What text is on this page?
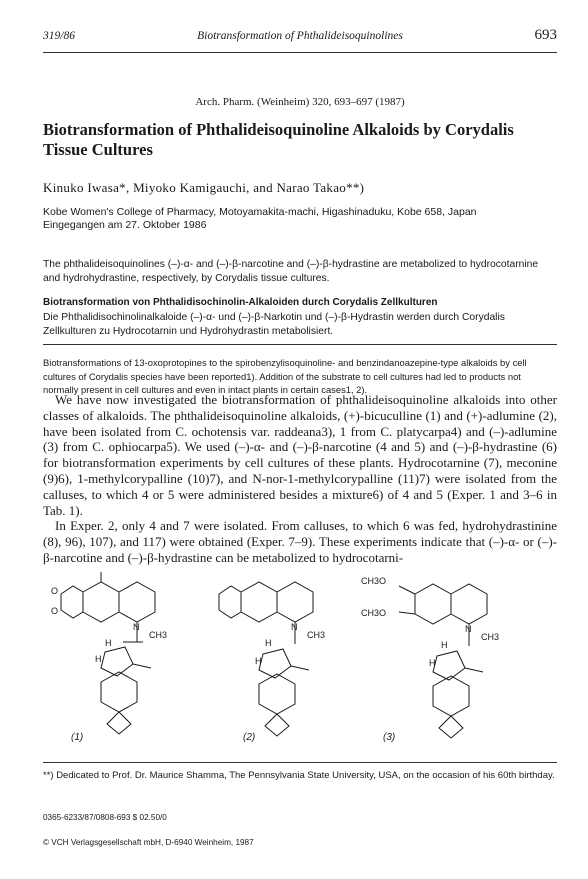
319/86	Biotransformation of Phthalideisoquinolines	693
Arch. Pharm. (Weinheim) 320, 693–697 (1987)
Biotransformation of Phthalideisoquinoline Alkaloids by Corydalis Tissue Cultures
Kinuko Iwasa*, Miyoko Kamigauchi, and Narao Takao**)
Kobe Women's College of Pharmacy, Motoyamakita-machi, Higashinaduku, Kobe 658, Japan
Eingegangen am 27. Oktober 1986
The phthalideisoquinolines (–)-α- and (–)-β-narcotine and (–)-β-hydrastine are metabolized to hydrocotarnine and hydrohydrastine, respectively, by Corydalis tissue cultures.
Biotransformation von Phthalidisochinolin-Alkaloiden durch Corydalis Zellkulturen
Die Phthalidisochinolinalkaloide (–)-α- und (–)-β-Narkotin und (–)-β-Hydrastin werden durch Corydalis Zellkulturen zu Hydrocotarnin und Hydrohydrastin metabolisiert.
Biotransformations of 13-oxoprotopines to the spirobenzylisoquinoline- and benzindanoazepine-type alkaloids by cell cultures of Corydalis species have been reported1). Addition of the substrate to cell cultures had led to products not normally present in cell cultures and even in intact plants in certain cases1, 2).

We have now investigated the biotransformation of phthalideisoquinoline alkaloids into other classes of alkaloids. The phthalideisoquinoline alkaloids, (+)-bicuculline (1) and (+)-adlumine (2), have been isolated from C. ochotensis var. raddeana3), 1 from C. platycarpa4) and (–)-adlumine (3) from C. ophiocarpa5). We used (–)-α- and (–)-β-narcotine (4 and 5) and (–)-β-hydrastine (6) for biotransformation experiments by cell cultures of these plants. Hydrocotarnine (7), meconine (9)6), 1-methylcorypalline (10)7), and N-nor-1-methylcorypalline (11)7) were isolated from the calluses, to which 4 or 5 were administered besides a mixture6) of 4 and 5 (Exper. 1 and 3–6 in Tab. 1).

In Exper. 2, only 4 and 7 were isolated. From calluses, to which 6 was fed, hydrohydrastinine (8), 96), 107), and 117) were obtained (Exper. 7–9). These experiments indicate that (–)-α- or (–)-β-narcotine and (–)-β-hydrastine can be metabolized to hydrocotarni-

O
O
N
CH3
H
H
(1)
N
CH3
H
H
(2)
CH3O
CH3O
N
CH3
H
H
(3)
**) Dedicated to Prof. Dr. Maurice Shamma, The Pennsylvania State University, USA, on the occasion of his 60th birthday.
0365-6233/87/0808-693 $ 02.50/0
© VCH Verlagsgesellschaft mbH, D-6940 Weinheim, 1987
